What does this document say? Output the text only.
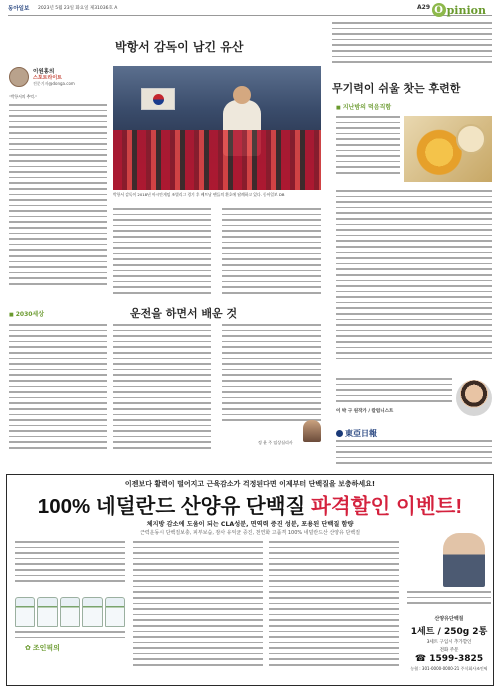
동아일보 2023년 5월 23일 화요일 제31036호 A	A29 O pinion
박항서 감독이 남긴 유산
이원홍의
스포트라이트
전문기자@donga.com
"박항서의 추억."
박항서 감독이 2018년 아시안게임 조별리그 경기 후 베트남 팬들의 환호에 답례하고 있다. 동아일보 DB
무기력이 쉬울 찻는 후련한
■ 지난밤의 먹음직함
이 박 구 원작가 / 칼럼니스트
■ 2030세상	운전을 하면서 배운 것
정 윤 주 임상심리사
東亞日報
이젠보다 활력이 떨어지고 근육감소가 걱정된다면 이제부터 단백질을 보충하세요!
100% 네덜란드 산양유 단백질 파격할인 이벤트!
체지방 감소에 도움이 되는 CLA성분, 면역력 증진 성분, 포용된 단백질 함량
근력운동시 단백질보충, 피부보습, 잠사 유익균 증진, 천연화 고품격 100% 네덜란드산 산양유 단백질
✿ 조인픽의
산양유단백질
1세트 / 250g 2통
3세트 구입시 추가할인
전화 주문
☎ 1599-3825
농협 : 301-0000-0000-21 주식회사조인픽
